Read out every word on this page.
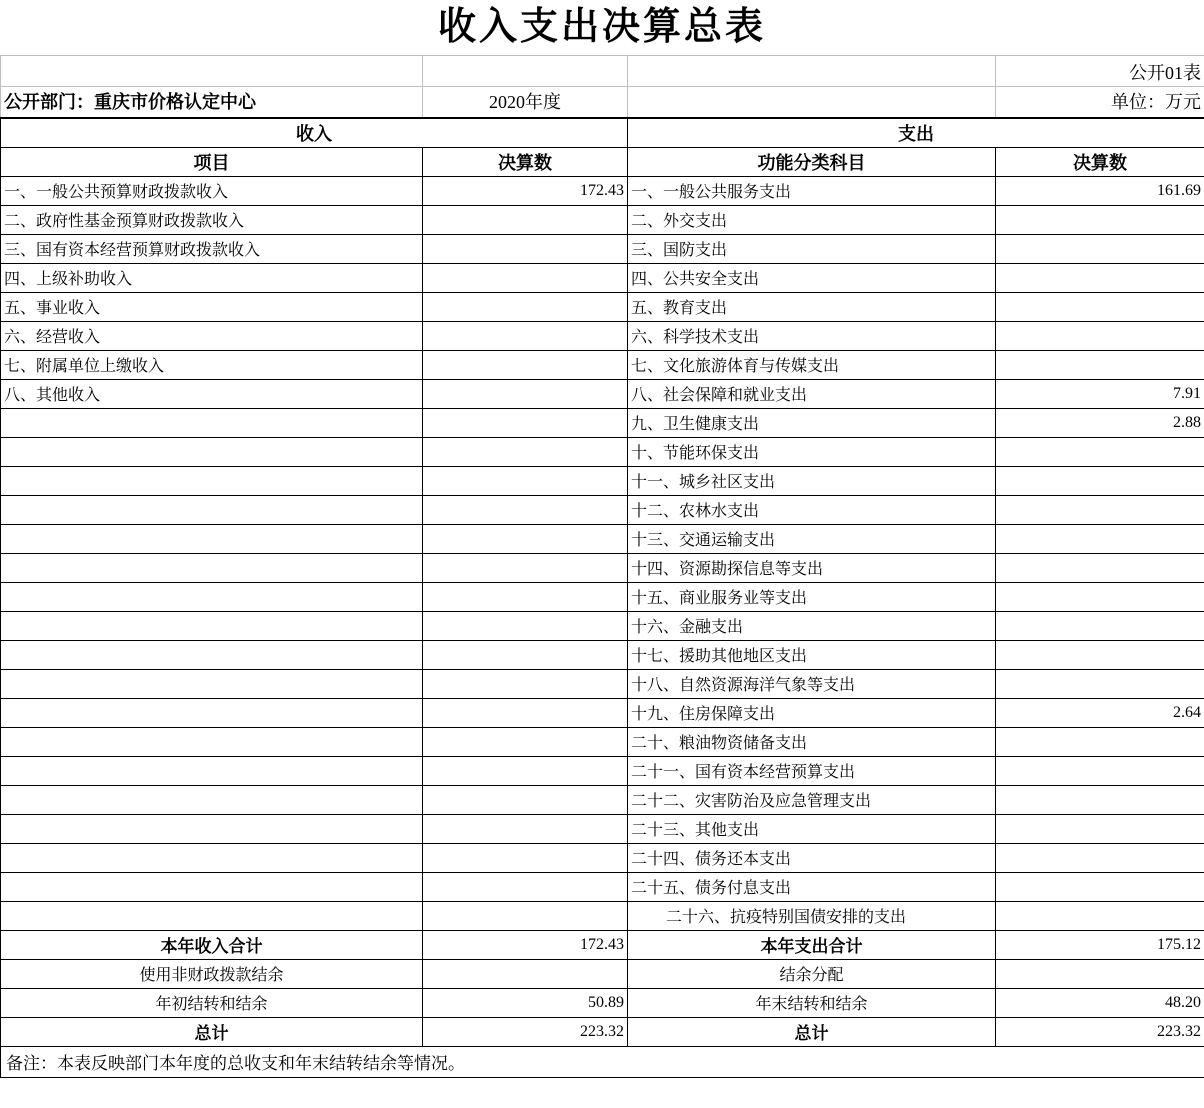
收入支出决算总表
公开01表
公开部门：重庆市价格认定中心	2020年度	单位：万元
收入		支出	
项目	决算数	功能分类科目	决算数
一、一般公共预算财政拨款收入	172.43	一、一般公共服务支出	161.69
二、政府性基金预算财政拨款收入		二、外交支出	
三、国有资本经营预算财政拨款收入		三、国防支出	
四、上级补助收入		四、公共安全支出	
五、事业收入		五、教育支出	
六、经营收入		六、科学技术支出	
七、附属单位上缴收入		七、文化旅游体育与传媒支出	
八、其他收入		八、社会保障和就业支出	7.91
		九、卫生健康支出	2.88
		十、节能环保支出	
		十一、城乡社区支出	
		十二、农林水支出	
		十三、交通运输支出	
		十四、资源勘探信息等支出	
		十五、商业服务业等支出	
		十六、金融支出	
		十七、援助其他地区支出	
		十八、自然资源海洋气象等支出	
		十九、住房保障支出	2.64
		二十、粮油物资储备支出	
		二十一、国有资本经营预算支出	
		二十二、灾害防治及应急管理支出	
		二十三、其他支出	
		二十四、债务还本支出	
		二十五、债务付息支出	
		二十六、抗疫特别国债安排的支出	
本年收入合计	172.43	本年支出合计	175.12
使用非财政拨款结余		结余分配	
年初结转和结余	50.89	年末结转和结余	48.20
总计	223.32	总计	223.32
备注：本表反映部门本年度的总收支和年末结转结余等情况。			
